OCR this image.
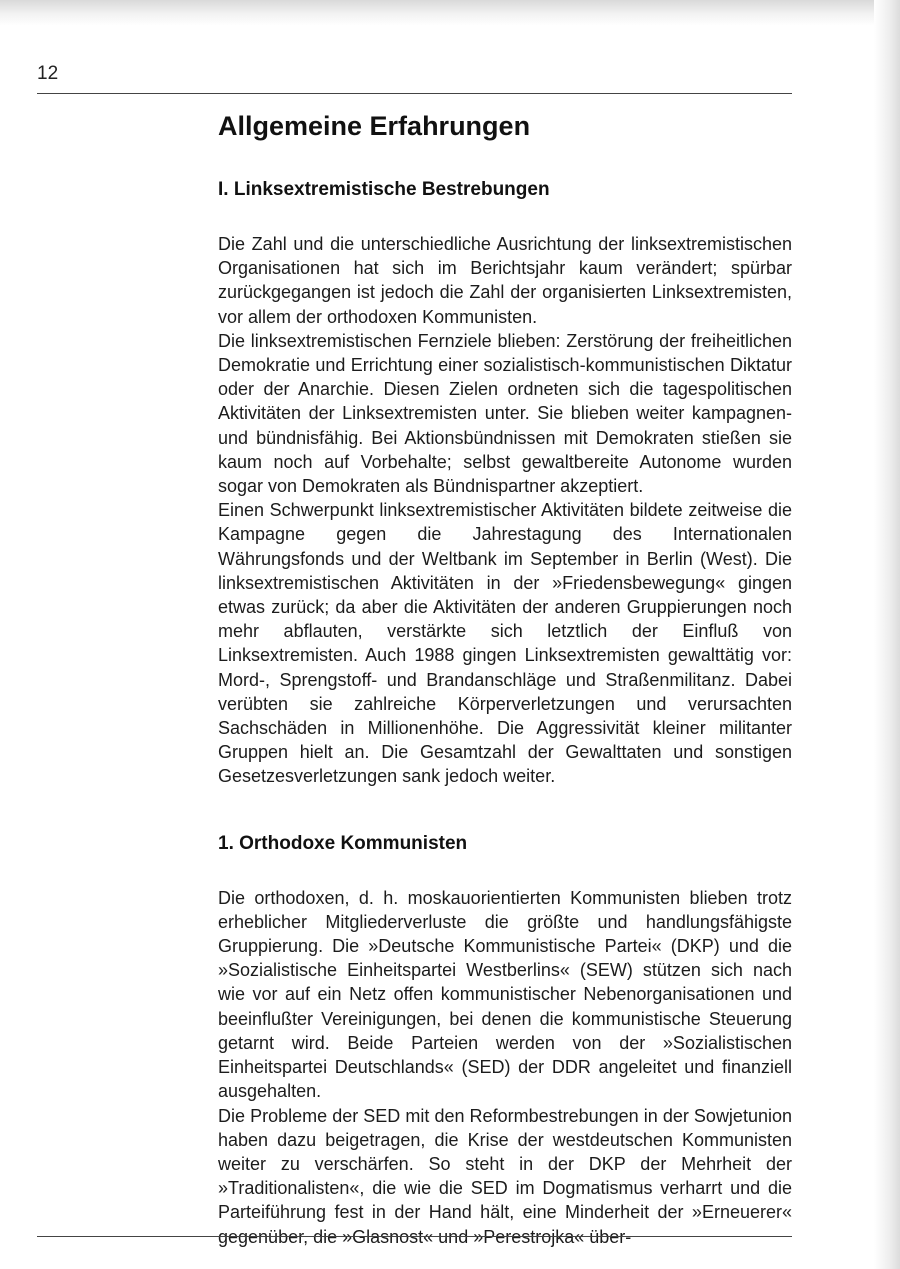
12
Allgemeine Erfahrungen
I. Linksextremistische Bestrebungen

Die Zahl und die unterschiedliche Ausrichtung der linksextremistischen Organisationen hat sich im Berichtsjahr kaum verändert; spürbar zurückgegangen ist jedoch die Zahl der organisierten Linksextremisten, vor allem der orthodoxen Kommunisten.

Die linksextremistischen Fernziele blieben: Zerstörung der freiheitlichen Demokratie und Errichtung einer sozialistisch-kommunistischen Diktatur oder der Anarchie. Diesen Zielen ordneten sich die tagespolitischen Aktivitäten der Linksextremisten unter. Sie blieben weiter kampagnen- und bündnisfähig. Bei Aktionsbündnissen mit Demokraten stießen sie kaum noch auf Vorbehalte; selbst gewaltbereite Autonome wurden sogar von Demokraten als Bündnispartner akzeptiert.

Einen Schwerpunkt linksextremistischer Aktivitäten bildete zeitweise die Kampagne gegen die Jahrestagung des Internationalen Währungsfonds und der Weltbank im September in Berlin (West). Die linksextremistischen Aktivitäten in der »Friedensbewegung« gingen etwas zurück; da aber die Aktivitäten der anderen Gruppierungen noch mehr abflauten, verstärkte sich letztlich der Einfluß von Linksextremisten. Auch 1988 gingen Linksextremisten gewalttätig vor: Mord-, Sprengstoff- und Brandanschläge und Straßenmilitanz. Dabei verübten sie zahlreiche Körperverletzungen und verursachten Sachschäden in Millionenhöhe. Die Aggressivität kleiner militanter Gruppen hielt an. Die Gesamtzahl der Gewalttaten und sonstigen Gesetzesverletzungen sank jedoch weiter.

1. Orthodoxe Kommunisten

Die orthodoxen, d. h. moskauorientierten Kommunisten blieben trotz erheblicher Mitgliederverluste die größte und handlungsfähigste Gruppierung. Die »Deutsche Kommunistische Partei« (DKP) und die »Sozialistische Einheitspartei Westberlins« (SEW) stützen sich nach wie vor auf ein Netz offen kommunistischer Nebenorganisationen und beeinflußter Vereinigungen, bei denen die kommunistische Steuerung getarnt wird. Beide Parteien werden von der »Sozialistischen Einheitspartei Deutschlands« (SED) der DDR angeleitet und finanziell ausgehalten.

Die Probleme der SED mit den Reformbestrebungen in der Sowjetunion haben dazu beigetragen, die Krise der westdeutschen Kommunisten weiter zu verschärfen. So steht in der DKP der Mehrheit der »Traditionalisten«, die wie die SED im Dogmatismus verharrt und die Parteiführung fest in der Hand hält, eine Minderheit der »Erneuerer« gegenüber, die »Glasnost« und »Perestrojka« über-
